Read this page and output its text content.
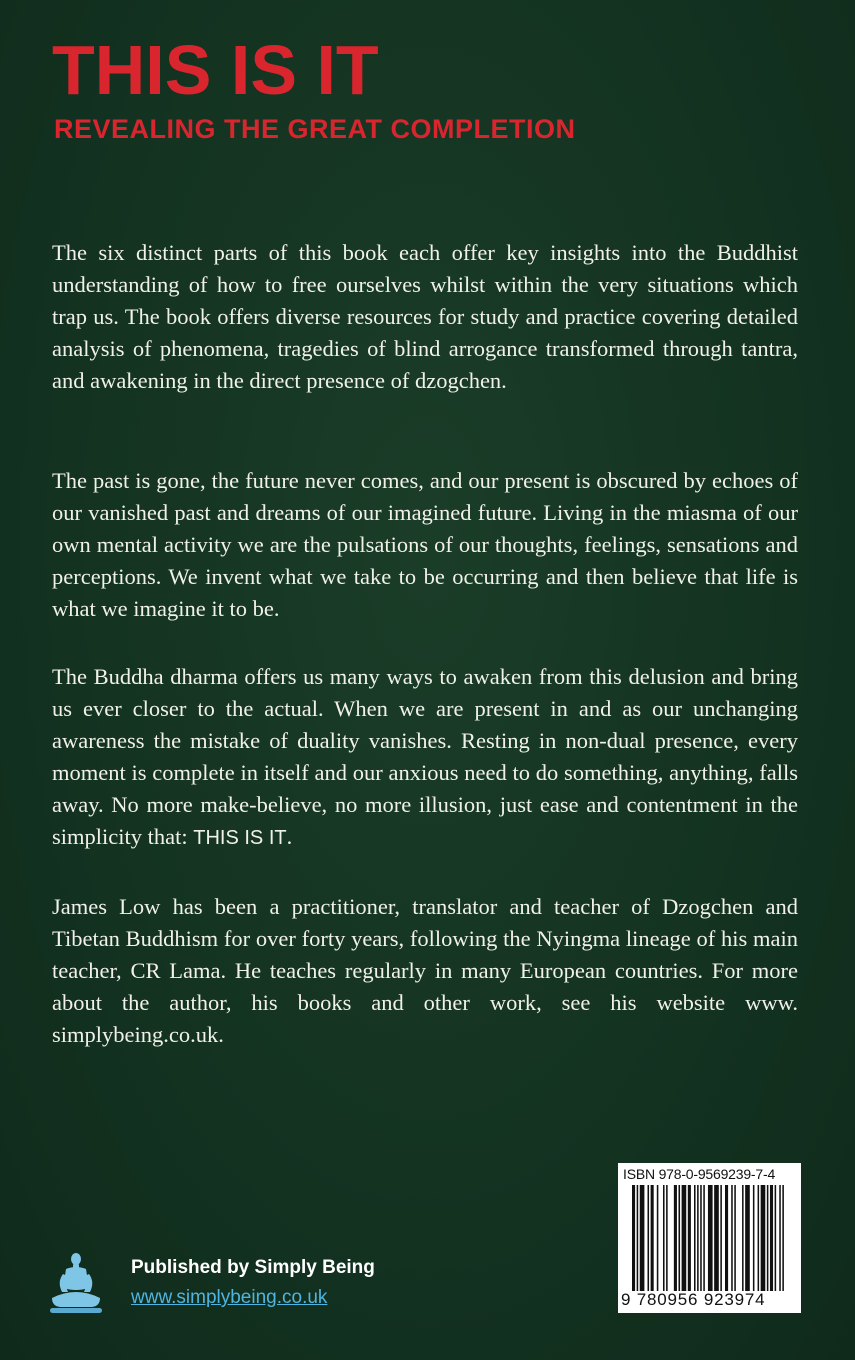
THIS IS IT
REVEALING THE GREAT COMPLETION

The six distinct parts of this book each offer key insights into the Buddhist understanding of how to free ourselves whilst within the very situations which trap us. The book offers diverse resources for study and practice covering detailed analysis of phenomena, tragedies of blind arrogance transformed through tantra, and awakening in the direct presence of dzogchen.

The past is gone, the future never comes, and our present is obscured by echoes of our vanished past and dreams of our imagined future. Living in the miasma of our own mental activity we are the pulsations of our thoughts, feelings, sensations and perceptions. We invent what we take to be occurring and then believe that life is what we imagine it to be.

The Buddha dharma offers us many ways to awaken from this delusion and bring us ever closer to the actual. When we are present in and as our unchanging awareness the mistake of duality vanishes. Resting in non-dual presence, every moment is complete in itself and our anxious need to do something, anything, falls away. No more make-believe, no more illusion, just ease and contentment in the simplicity that: THIS IS IT.

James Low has been a practitioner, translator and teacher of Dzogchen and Tibetan Buddhism for over forty years, following the Nyingma lineage of his main teacher, CR Lama. He teaches regularly in many European countries. For more about the author, his books and other work, see his website www. simplybeing.co.uk.

ISBN 978-0-9569239-7-4
9 780956 923974

Published by Simply Being

www.simplybeing.co.uk
